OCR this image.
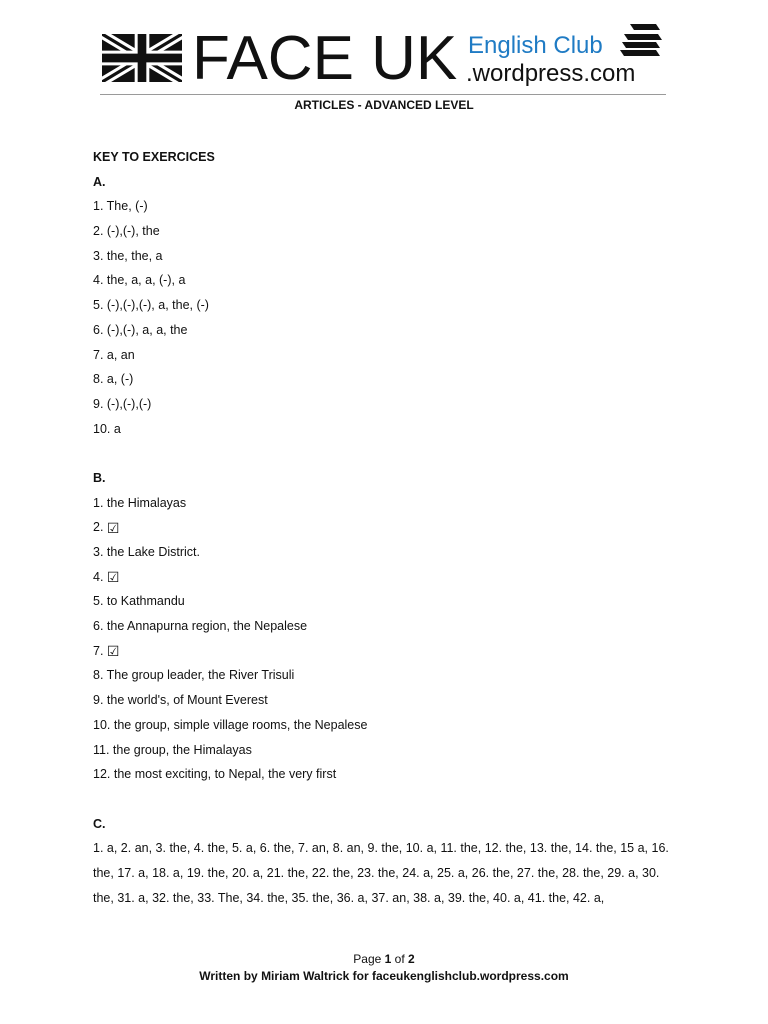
FACE UK English Club
.wordpress.com
ARTICLES - ADVANCED LEVEL
KEY TO EXERCICES
A.
1. The, (-)
2. (-),(-), the
3. the, the, a
4. the, a, a, (-), a
5. (-),(-),(-), a, the, (-)
6. (-),(-), a, a, the
7. a, an
8. a, (-)
9. (-),(-),(-)
10. a
B.
1. the Himalayas
2. ☑
3. the Lake District.
4. ☑
5. to Kathmandu
6. the Annapurna region, the Nepalese
7. ☑
8. The group leader, the River Trisuli
9. the world's, of Mount Everest
10. the group, simple village rooms, the Nepalese
11. the group, the Himalayas
12. the most exciting, to Nepal, the very first
C.
1. a, 2. an, 3. the, 4. the, 5. a, 6. the, 7. an, 8. an, 9. the, 10. a, 11. the, 12. the, 13. the, 14. the, 15 a, 16. the, 17. a, 18. a, 19. the, 20. a, 21. the, 22. the, 23. the, 24. a, 25. a, 26. the, 27. the, 28. the, 29. a, 30. the, 31. a, 32. the, 33. The, 34. the, 35. the, 36. a, 37. an, 38. a, 39. the, 40. a, 41. the, 42. a,
Page 1 of 2
Written by Miriam Waltrick for faceukenglishclub.wordpress.com
